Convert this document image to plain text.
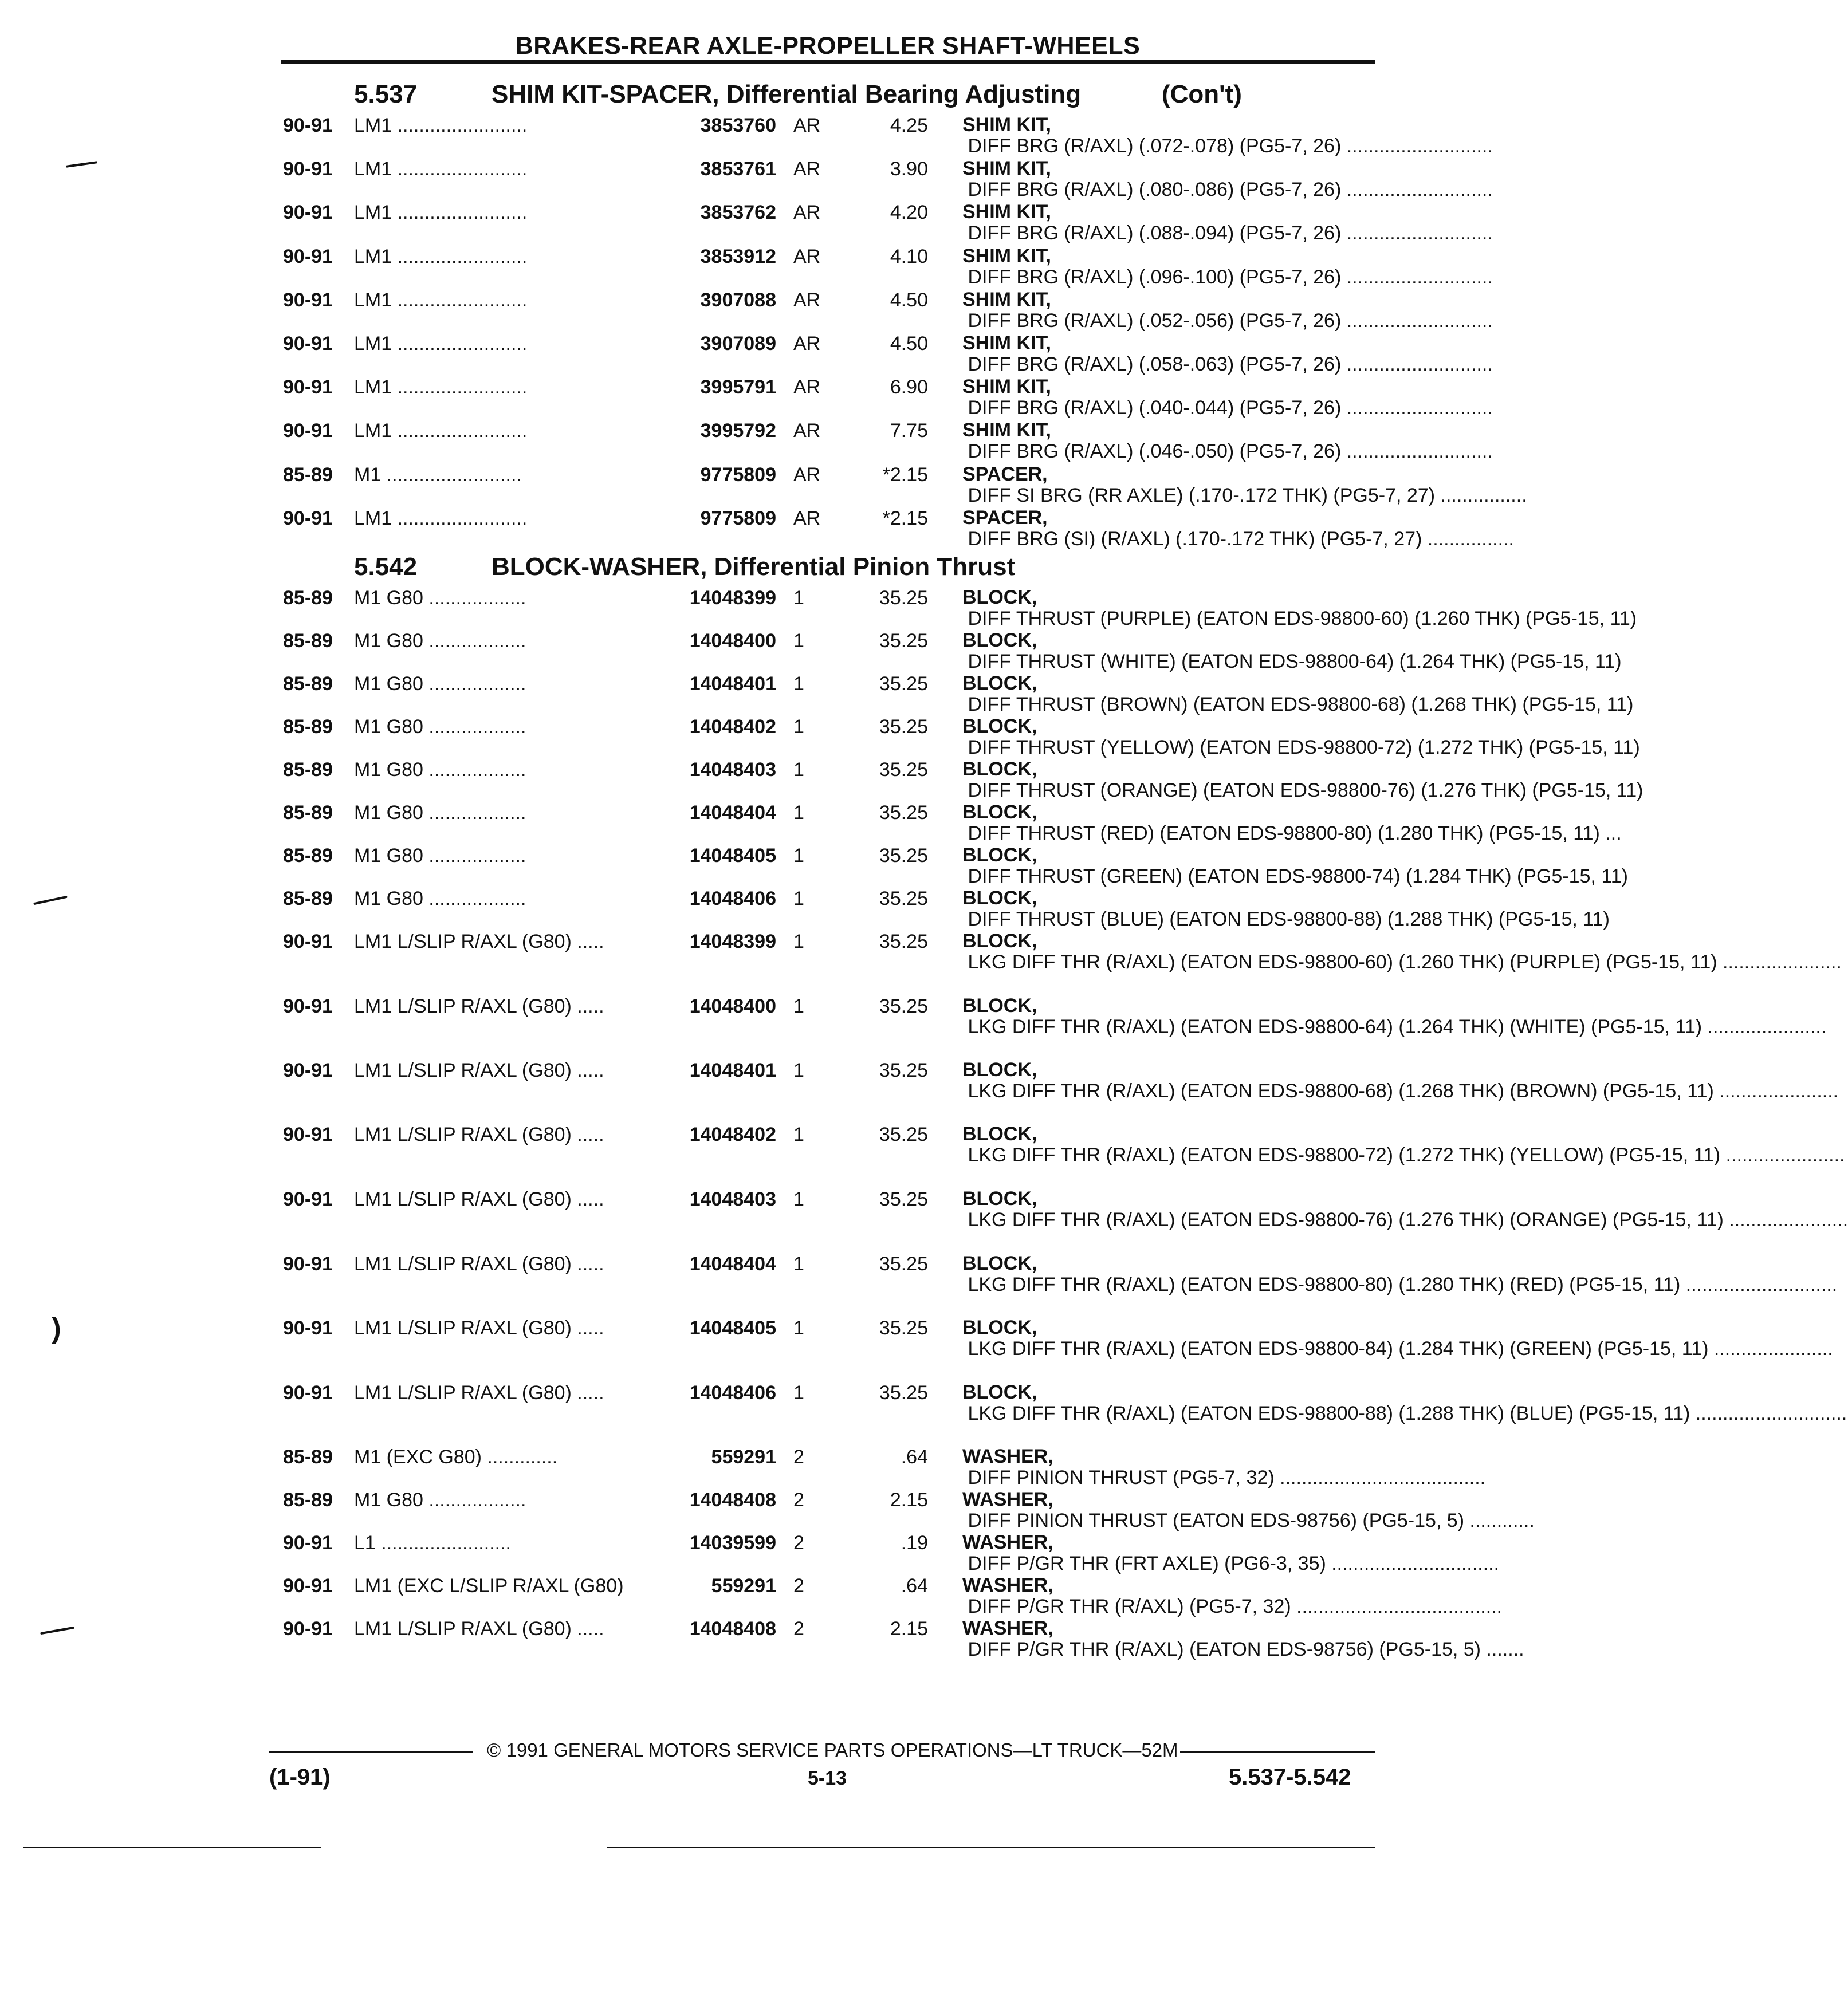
BRAKES-REAR AXLE-PROPELLER SHAFT-WHEELS
5.537	SHIM KIT-SPACER, Differential Bearing Adjusting	(Con't)
90-91 LM1 ........................	3853760 AR	4.25 SHIM KIT, DIFF BRG (R/AXL) (.072-.078) (PG5-7, 26) ...........................
90-91 LM1 ........................	3853761 AR	3.90 SHIM KIT, DIFF BRG (R/AXL) (.080-.086) (PG5-7, 26) ...........................
90-91 LM1 ........................	3853762 AR	4.20 SHIM KIT, DIFF BRG (R/AXL) (.088-.094) (PG5-7, 26) ...........................
90-91 LM1 ........................	3853912 AR	4.10 SHIM KIT, DIFF BRG (R/AXL) (.096-.100) (PG5-7, 26) ...........................
90-91 LM1 ........................	3907088 AR	4.50 SHIM KIT, DIFF BRG (R/AXL) (.052-.056) (PG5-7, 26) ...........................
90-91 LM1 ........................	3907089 AR	4.50 SHIM KIT, DIFF BRG (R/AXL) (.058-.063) (PG5-7, 26) ...........................
90-91 LM1 ........................	3995791 AR	6.90 SHIM KIT, DIFF BRG (R/AXL) (.040-.044) (PG5-7, 26) ...........................
90-91 LM1 ........................	3995792 AR	7.75 SHIM KIT, DIFF BRG (R/AXL) (.046-.050) (PG5-7, 26) ...........................
85-89 M1 .........................	9775809 AR	*2.15 SPACER, DIFF SI BRG (RR AXLE) (.170-.172 THK) (PG5-7, 27) ................
90-91 LM1 ........................	9775809 AR	*2.15 SPACER, DIFF BRG (SI) (R/AXL) (.170-.172 THK) (PG5-7, 27) ................
5.542	BLOCK-WASHER, Differential Pinion Thrust
85-89 M1 G80 ..................	14048399 1	35.25 BLOCK, DIFF THRUST (PURPLE) (EATON EDS-98800-60) (1.260 THK) (PG5-15, 11)
85-89 M1 G80 ..................	14048400 1	35.25 BLOCK, DIFF THRUST (WHITE) (EATON EDS-98800-64) (1.264 THK) (PG5-15, 11)
85-89 M1 G80 ..................	14048401 1	35.25 BLOCK, DIFF THRUST (BROWN) (EATON EDS-98800-68) (1.268 THK) (PG5-15, 11)
85-89 M1 G80 ..................	14048402 1	35.25 BLOCK, DIFF THRUST (YELLOW) (EATON EDS-98800-72) (1.272 THK) (PG5-15, 11)
85-89 M1 G80 ..................	14048403 1	35.25 BLOCK, DIFF THRUST (ORANGE) (EATON EDS-98800-76) (1.276 THK) (PG5-15, 11)
85-89 M1 G80 ..................	14048404 1	35.25 BLOCK, DIFF THRUST (RED) (EATON EDS-98800-80) (1.280 THK) (PG5-15, 11) ...
85-89 M1 G80 ..................	14048405 1	35.25 BLOCK, DIFF THRUST (GREEN) (EATON EDS-98800-74) (1.284 THK) (PG5-15, 11)
85-89 M1 G80 ..................	14048406 1	35.25 BLOCK, DIFF THRUST (BLUE) (EATON EDS-98800-88) (1.288 THK) (PG5-15, 11)
90-91 LM1 L/SLIP R/AXL (G80) .....	14048399 1	35.25 BLOCK, LKG DIFF THR (R/AXL) (EATON EDS-98800-60) (1.260 THK) (PURPLE) (PG5-15, 11) ......................
90-91 LM1 L/SLIP R/AXL (G80) .....	14048400 1	35.25 BLOCK, LKG DIFF THR (R/AXL) (EATON EDS-98800-64) (1.264 THK) (WHITE) (PG5-15, 11) ......................
90-91 LM1 L/SLIP R/AXL (G80) .....	14048401 1	35.25 BLOCK, LKG DIFF THR (R/AXL) (EATON EDS-98800-68) (1.268 THK) (BROWN) (PG5-15, 11) ......................
90-91 LM1 L/SLIP R/AXL (G80) .....	14048402 1	35.25 BLOCK, LKG DIFF THR (R/AXL) (EATON EDS-98800-72) (1.272 THK) (YELLOW) (PG5-15, 11) ......................
90-91 LM1 L/SLIP R/AXL (G80) .....	14048403 1	35.25 BLOCK, LKG DIFF THR (R/AXL) (EATON EDS-98800-76) (1.276 THK) (ORANGE) (PG5-15, 11) ......................
90-91 LM1 L/SLIP R/AXL (G80) .....	14048404 1	35.25 BLOCK, LKG DIFF THR (R/AXL) (EATON EDS-98800-80) (1.280 THK) (RED) (PG5-15, 11) ............................
90-91 LM1 L/SLIP R/AXL (G80) .....	14048405 1	35.25 BLOCK, LKG DIFF THR (R/AXL) (EATON EDS-98800-84) (1.284 THK) (GREEN) (PG5-15, 11) ......................
90-91 LM1 L/SLIP R/AXL (G80) .....	14048406 1	35.25 BLOCK, LKG DIFF THR (R/AXL) (EATON EDS-98800-88) (1.288 THK) (BLUE) (PG5-15, 11) ............................
85-89 M1 (EXC G80) .............	559291 2	.64 WASHER, DIFF PINION THRUST (PG5-7, 32) ......................................
85-89 M1 G80 ..................	14048408 2	2.15 WASHER, DIFF PINION THRUST (EATON EDS-98756) (PG5-15, 5) ............
90-91 L1 ........................	14039599 2	.19 WASHER, DIFF P/GR THR (FRT AXLE) (PG6-3, 35) ...............................
90-91 LM1 (EXC L/SLIP R/AXL (G80)	559291 2	.64 WASHER, DIFF P/GR THR (R/AXL) (PG5-7, 32) ......................................
90-91 LM1 L/SLIP R/AXL (G80) .....	14048408 2	2.15 WASHER, DIFF P/GR THR (R/AXL) (EATON EDS-98756) (PG5-15, 5) .......
© 1991 GENERAL MOTORS SERVICE PARTS OPERATIONS—LT TRUCK—52M
(1-91)	5-13	5.537-5.542
)
